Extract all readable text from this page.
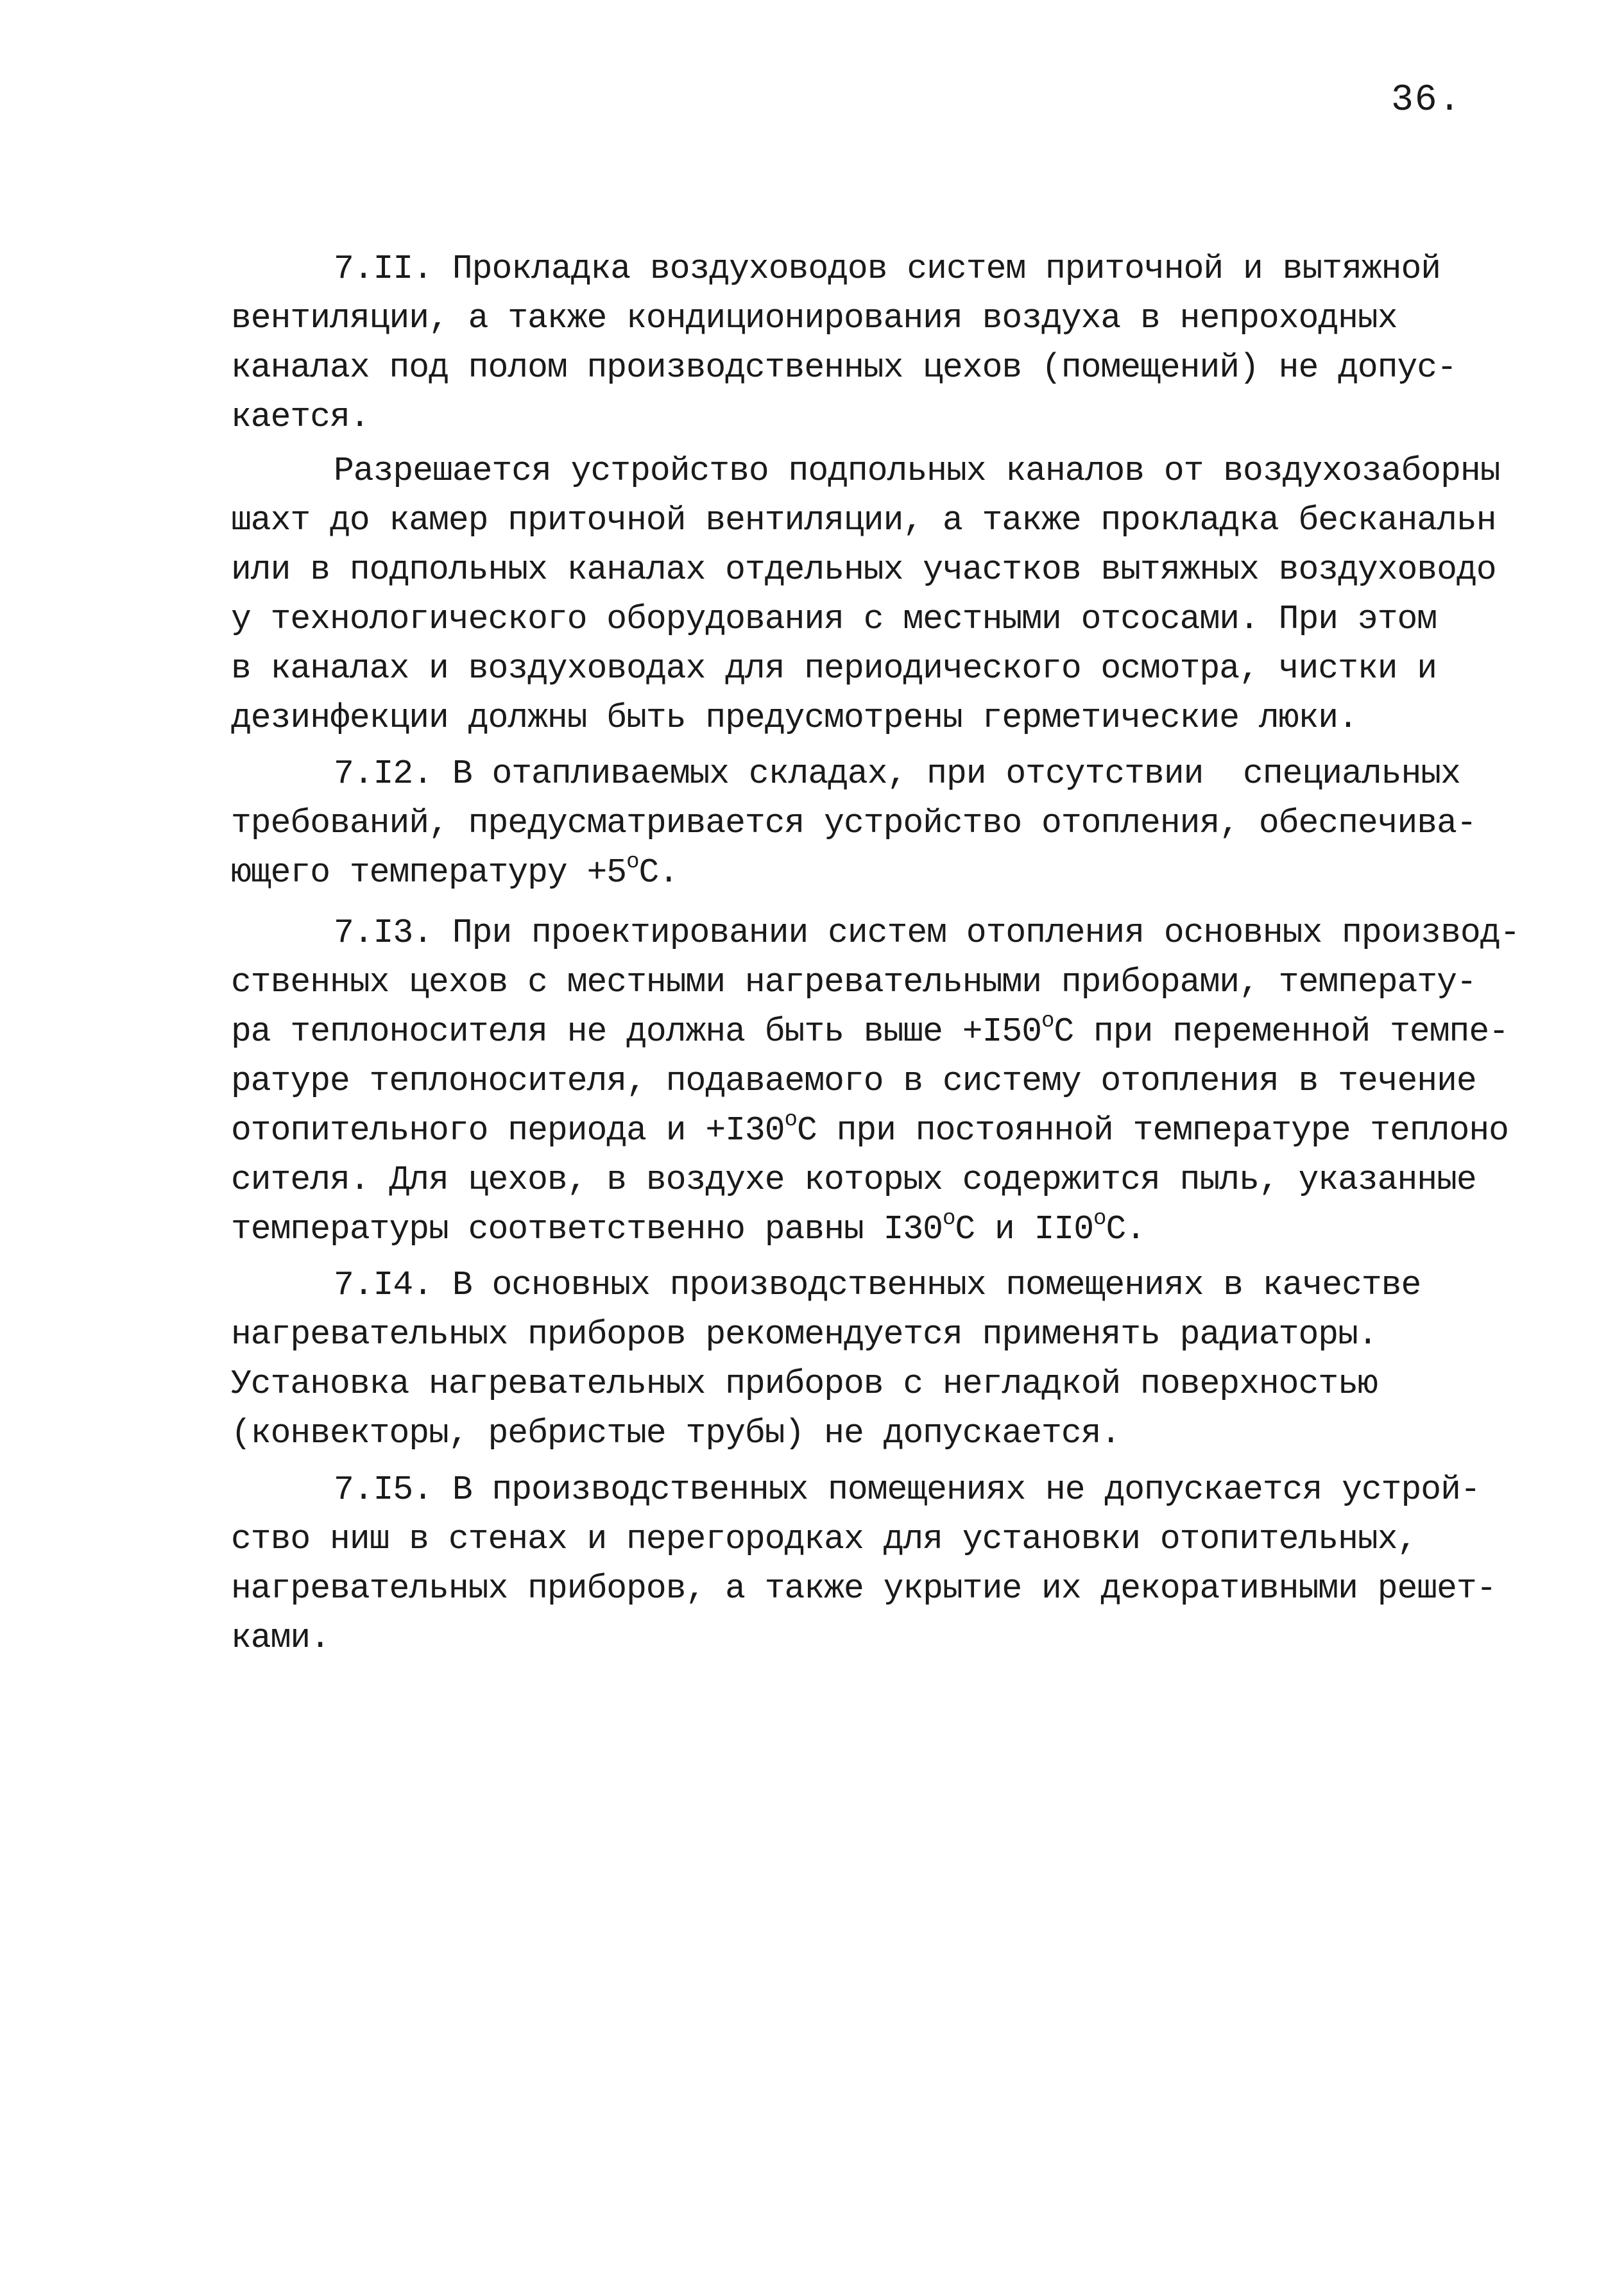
36.
7.II. Прокладка воздуховодов систем приточной и вытяжной
вентиляции, а также кондиционирования воздуха в непроходных
каналах под полом производственных цехов (помещений) не допус-
кается.
Разрешается устройство подпольных каналов от воздухозаборны
шахт до камер приточной вентиляции, а также прокладка бесканальн
или в подпольных каналах отдельных участков вытяжных воздуховодо
у технологического оборудования с местными отсосами. При этом
в каналах и воздуховодах для периодического осмотра, чистки и
дезинфекции должны быть предусмотрены герметические люки.
7.I2. В отапливаемых складах, при отсутствии  специальных
требований, предусматривается устройство отопления, обеспечива-
ющего температуру $+5^oC$.
7.I3. При проектировании систем отопления основных производ-
ственных цехов с местными нагревательными приборами, температу-
ра теплоносителя не должна быть выше $+I50^oC$ при переменной темпе-
ратуре теплоносителя, подаваемого в систему отопления в течение
отопительного периода $и +I30^oC$ при постоянной температуре теплоно
сителя. Для цехов, в воздухе которых содержится пыль, указанные
температуры соответственно равны I30$^o$C и II0$^o$C.
7.I4. В основных производственных помещениях в качестве
нагревательных приборов рекомендуется применять радиаторы.
Установка нагревательных приборов с негладкой поверхностью
(конвекторы, ребристые трубы) не допускается.
7.I5. В производственных помещениях не допускается устрой-
ство ниш в стенах и перегородках для установки отопительных,
нагревательных приборов, а также укрытие их декоративными решет-
ками.
